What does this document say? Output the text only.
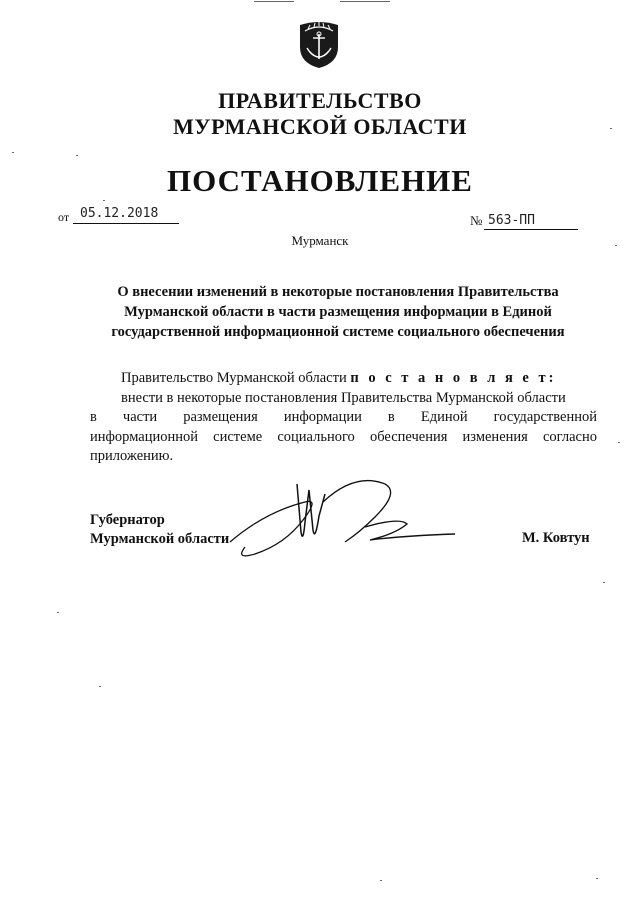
ПРАВИТЕЛЬСТВО
МУРМАНСКОЙ ОБЛАСТИ
ПОСТАНОВЛЕНИЕ
от 05.12.2018	№ 563-ПП
Мурманск
О внесении изменений в некоторые постановления Правительства Мурманской области в части размещения информации в Единой государственной информационной системе социального обеспечения
Правительство Мурманской области п о с т а н о в л я е т:
внести в некоторые постановления Правительства Мурманской области
в части размещения информации в Единой государственной
информационной системе социального обеспечения изменения согласно
приложению.
Губернатор
Мурманской области	М. Ковтун
